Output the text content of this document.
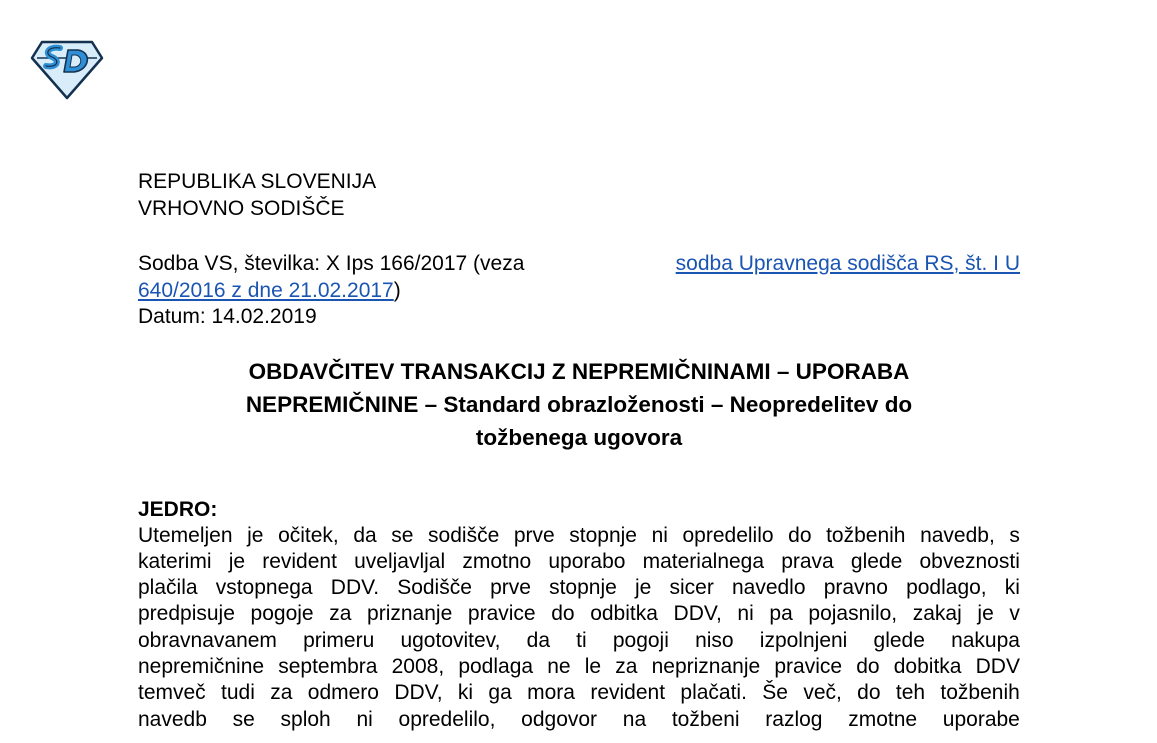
REPUBLIKA SLOVENIJA
VRHOVNO SODIŠČE
Sodba VS, številka: X Ips 166/2017 (veza	sodba Upravnega sodišča RS, št. I U
640/2016 z dne 21.02.2017)
Datum: 14.02.2019
OBDAVČITEV TRANSAKCIJ Z NEPREMIČNINAMI – UPORABA
NEPREMIČNINE – Standard obrazloženosti – Neopredelitev do
tožbenega ugovora
JEDRO:
Utemeljen je očitek, da se sodišče prve stopnje ni opredelilo do tožbenih navedb, s
katerimi je revident uveljavljal zmotno uporabo materialnega prava glede obveznosti
plačila vstopnega DDV. Sodišče prve stopnje je sicer navedlo pravno podlago, ki
predpisuje pogoje za priznanje pravice do odbitka DDV, ni pa pojasnilo, zakaj je v
obravnavanem primeru ugotovitev, da ti pogoji niso izpolnjeni glede nakupa
nepremičnine septembra 2008, podlaga ne le za nepriznanje pravice do dobitka DDV
temveč tudi za odmero DDV, ki ga mora revident plačati. Še več, do teh tožbenih
navedb se sploh ni opredelilo, odgovor na tožbeni razlog zmotne uporabe
